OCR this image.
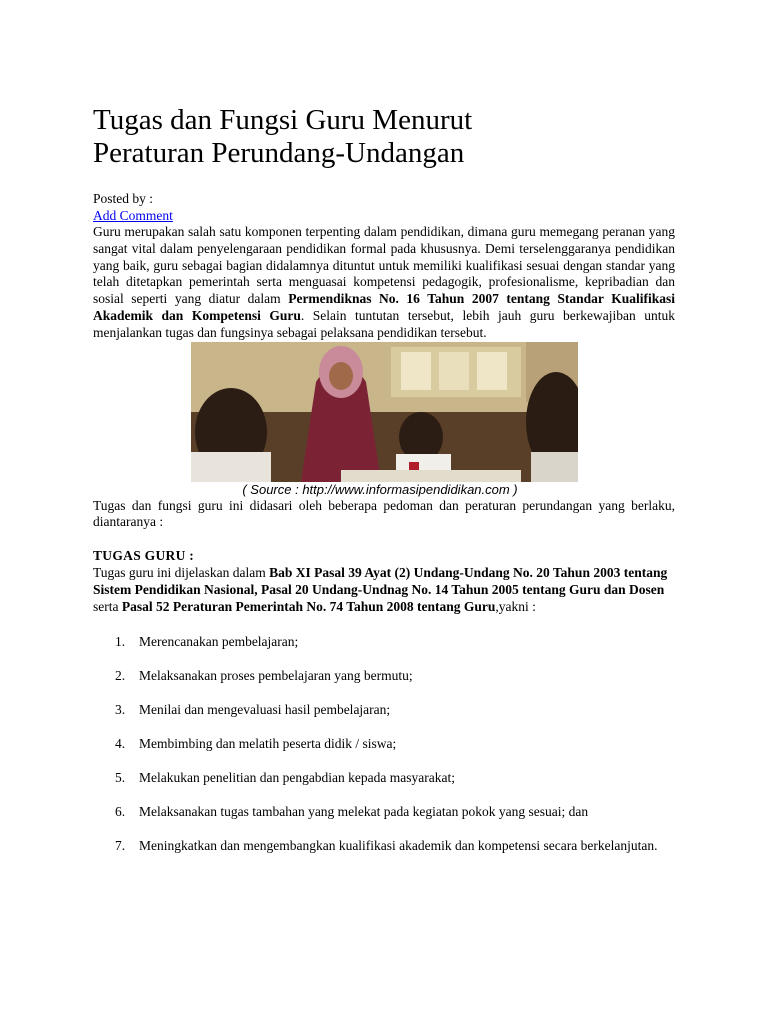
Tugas dan Fungsi Guru Menurut
Peraturan Perundang-Undangan
Posted by :
Add Comment

Guru merupakan salah satu komponen terpenting dalam pendidikan, dimana guru memegang peranan yang sangat vital dalam penyelengaraan pendidikan formal pada khususnya. Demi terselenggaranya pendidikan yang baik, guru sebagai bagian didalamnya dituntut untuk memiliki kualifikasi sesuai dengan standar yang telah ditetapkan pemerintah serta menguasai kompetensi pedagogik, profesionalisme, kepribadian dan sosial seperti yang diatur dalam Permendiknas No. 16 Tahun 2007 tentang Standar Kualifikasi Akademik dan Kompetensi Guru. Selain tuntutan tersebut, lebih jauh guru berkewajiban untuk menjalankan tugas dan fungsinya sebagai pelaksana pendidikan tersebut.

( Source : http://www.informasipendidikan.com )

Tugas dan fungsi guru ini didasari oleh beberapa pedoman dan peraturan perundangan yang berlaku, diantaranya :

TUGAS GURU :

Tugas guru ini dijelaskan dalam Bab XI Pasal 39 Ayat (2) Undang-Undang No. 20 Tahun 2003 tentang Sistem Pendidikan Nasional, Pasal 20 Undang-Undnag No. 14 Tahun 2005 tentang Guru dan Dosen serta Pasal 52 Peraturan Pemerintah No. 74 Tahun 2008 tentang Guru,yakni :

1. Merencanakan pembelajaran;
2. Melaksanakan proses pembelajaran yang bermutu;
3. Menilai dan mengevaluasi hasil pembelajaran;
4. Membimbing dan melatih peserta didik / siswa;
5. Melakukan penelitian dan pengabdian kepada masyarakat;
6. Melaksanakan tugas tambahan yang melekat pada kegiatan pokok yang sesuai; dan
7. Meningkatkan dan mengembangkan kualifikasi akademik dan kompetensi secara berkelanjutan.
